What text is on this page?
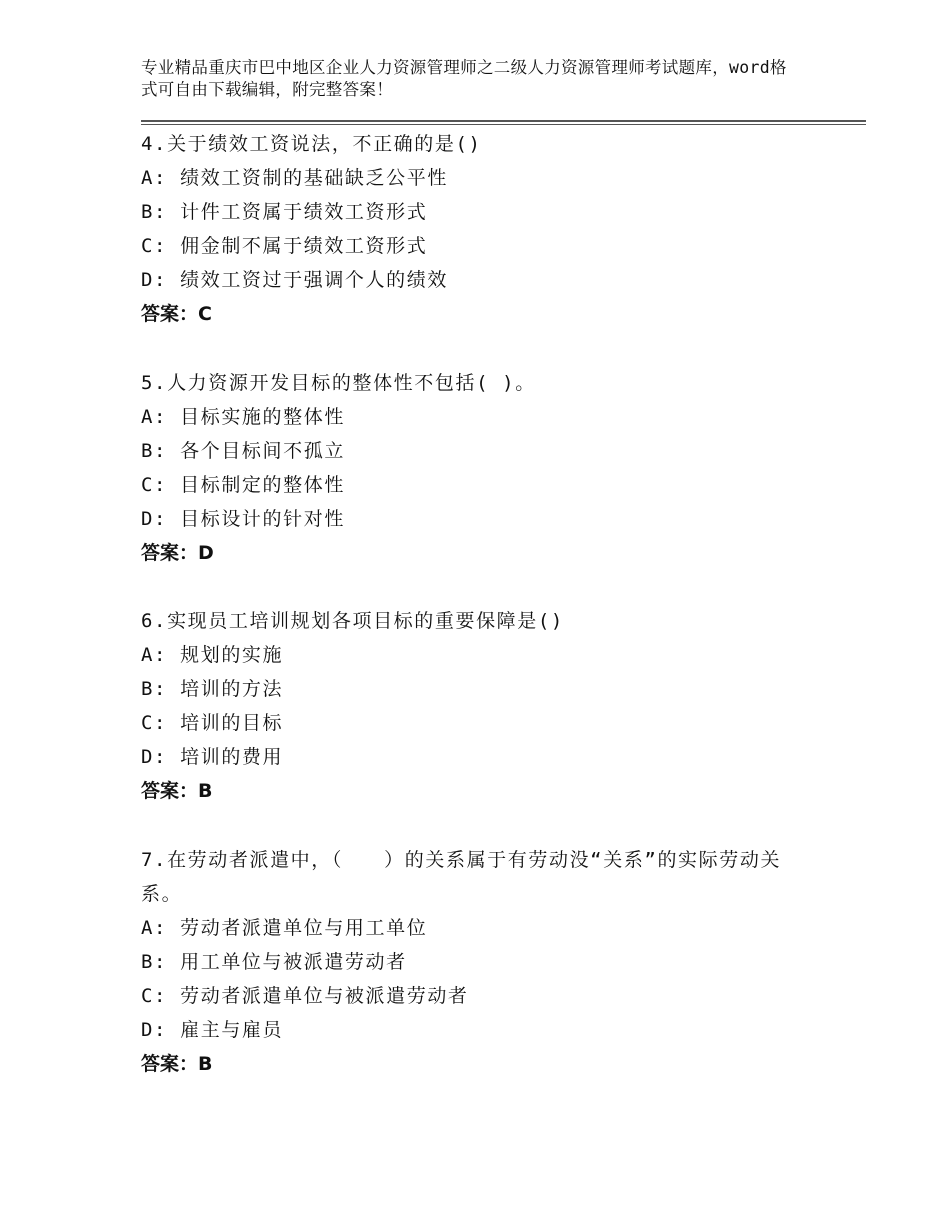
专业精品重庆市巴中地区企业人力资源管理师之二级人力资源管理师考试题库，word格式可自由下载编辑，附完整答案！
4.关于绩效工资说法，不正确的是()
A: 绩效工资制的基础缺乏公平性
B: 计件工资属于绩效工资形式
C: 佣金制不属于绩效工资形式
D: 绩效工资过于强调个人的绩效
答案：C
5.人力资源开发目标的整体性不包括( )。
A: 目标实施的整体性
B: 各个目标间不孤立
C: 目标制定的整体性
D: 目标设计的针对性
答案：D
6.实现员工培训规划各项目标的重要保障是()
A: 规划的实施
B: 培训的方法
C: 培训的目标
D: 培训的费用
答案：B
7.在劳动者派遣中，（　　）的关系属于有劳动没“关系”的实际劳动关系。
A: 劳动者派遣单位与用工单位
B: 用工单位与被派遣劳动者
C: 劳动者派遣单位与被派遣劳动者
D: 雇主与雇员
答案：B
